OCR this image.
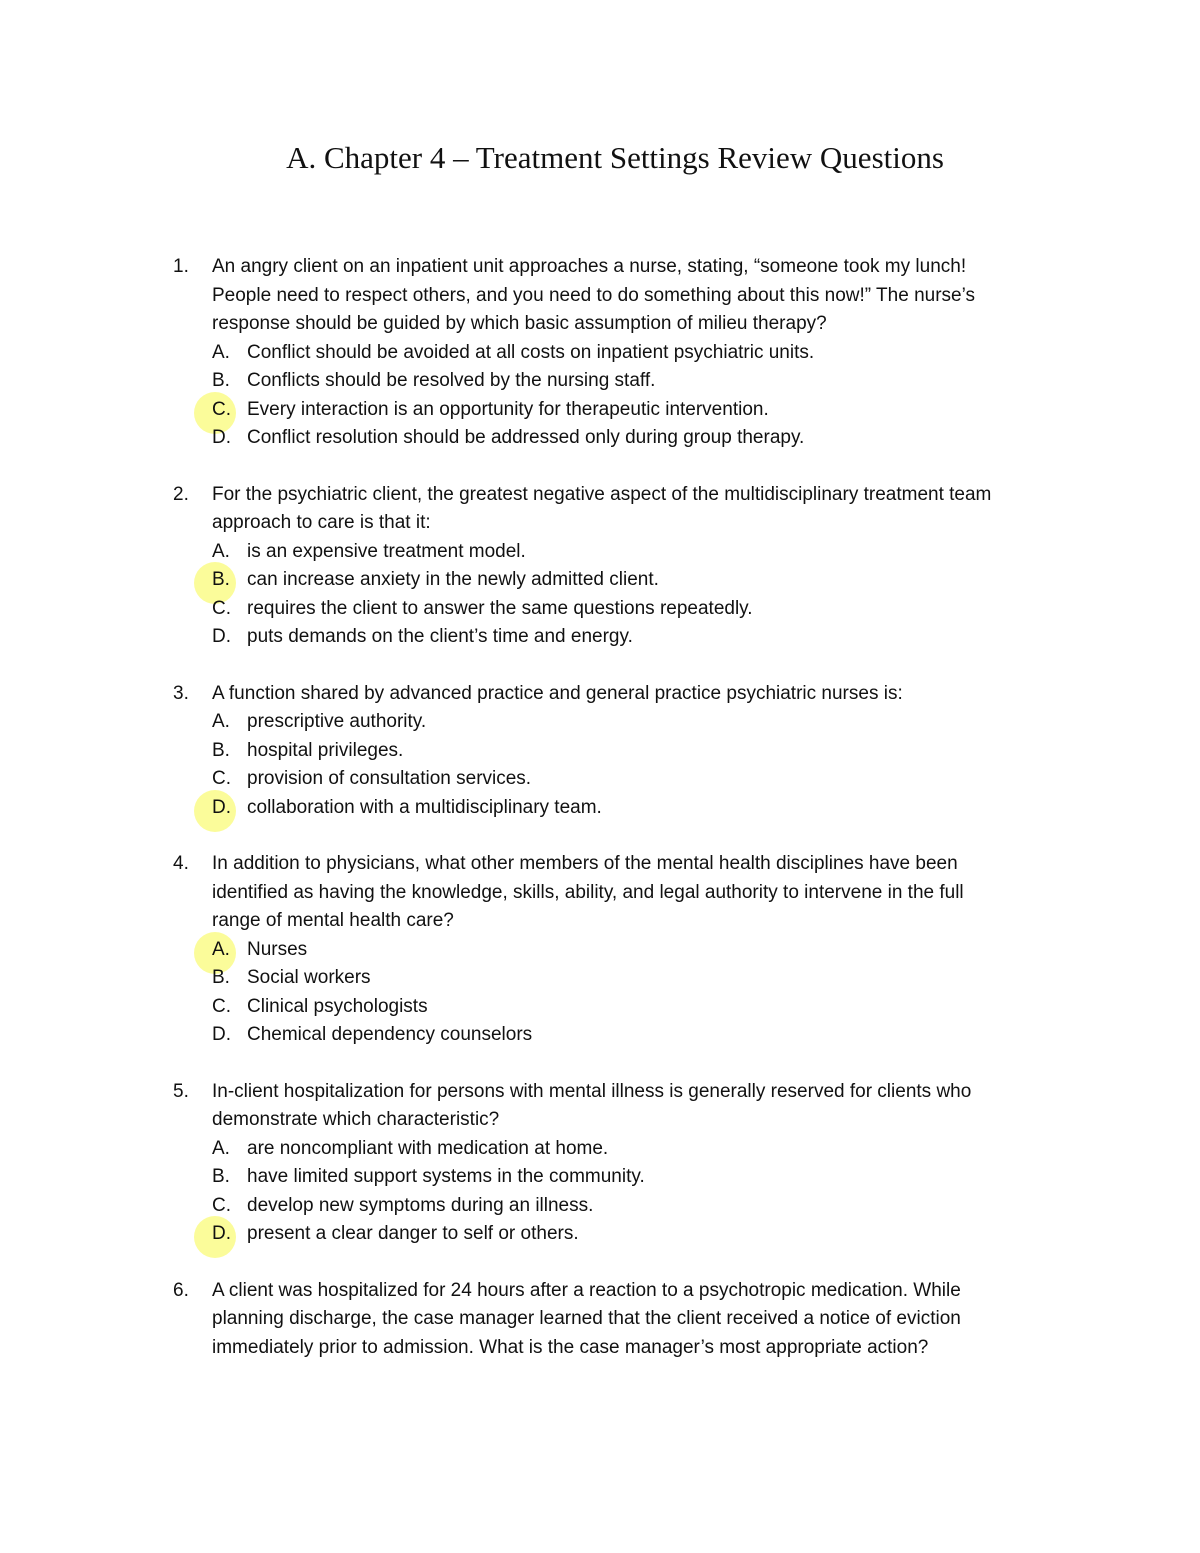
A. Chapter 4 – Treatment Settings Review Questions
1. An angry client on an inpatient unit approaches a nurse, stating, “someone took my lunch!
People need to respect others, and you need to do something about this now!” The nurse’s
response should be guided by which basic assumption of milieu therapy?
A. Conflict should be avoided at all costs on inpatient psychiatric units.
B. Conflicts should be resolved by the nursing staff.
C. Every interaction is an opportunity for therapeutic intervention.
D. Conflict resolution should be addressed only during group therapy.
2. For the psychiatric client, the greatest negative aspect of the multidisciplinary treatment team
approach to care is that it:
A. is an expensive treatment model.
B. can increase anxiety in the newly admitted client.
C. requires the client to answer the same questions repeatedly.
D. puts demands on the client’s time and energy.
3. A function shared by advanced practice and general practice psychiatric nurses is:
A. prescriptive authority.
B. hospital privileges.
C. provision of consultation services.
D. collaboration with a multidisciplinary team.
4. In addition to physicians, what other members of the mental health disciplines have been
identified as having the knowledge, skills, ability, and legal authority to intervene in the full
range of mental health care?
A. Nurses
B. Social workers
C. Clinical psychologists
D. Chemical dependency counselors
5. In-client hospitalization for persons with mental illness is generally reserved for clients who
demonstrate which characteristic?
A. are noncompliant with medication at home.
B. have limited support systems in the community.
C. develop new symptoms during an illness.
D. present a clear danger to self or others.
6. A client was hospitalized for 24 hours after a reaction to a psychotropic medication. While
planning discharge, the case manager learned that the client received a notice of eviction
immediately prior to admission. What is the case manager’s most appropriate action?
